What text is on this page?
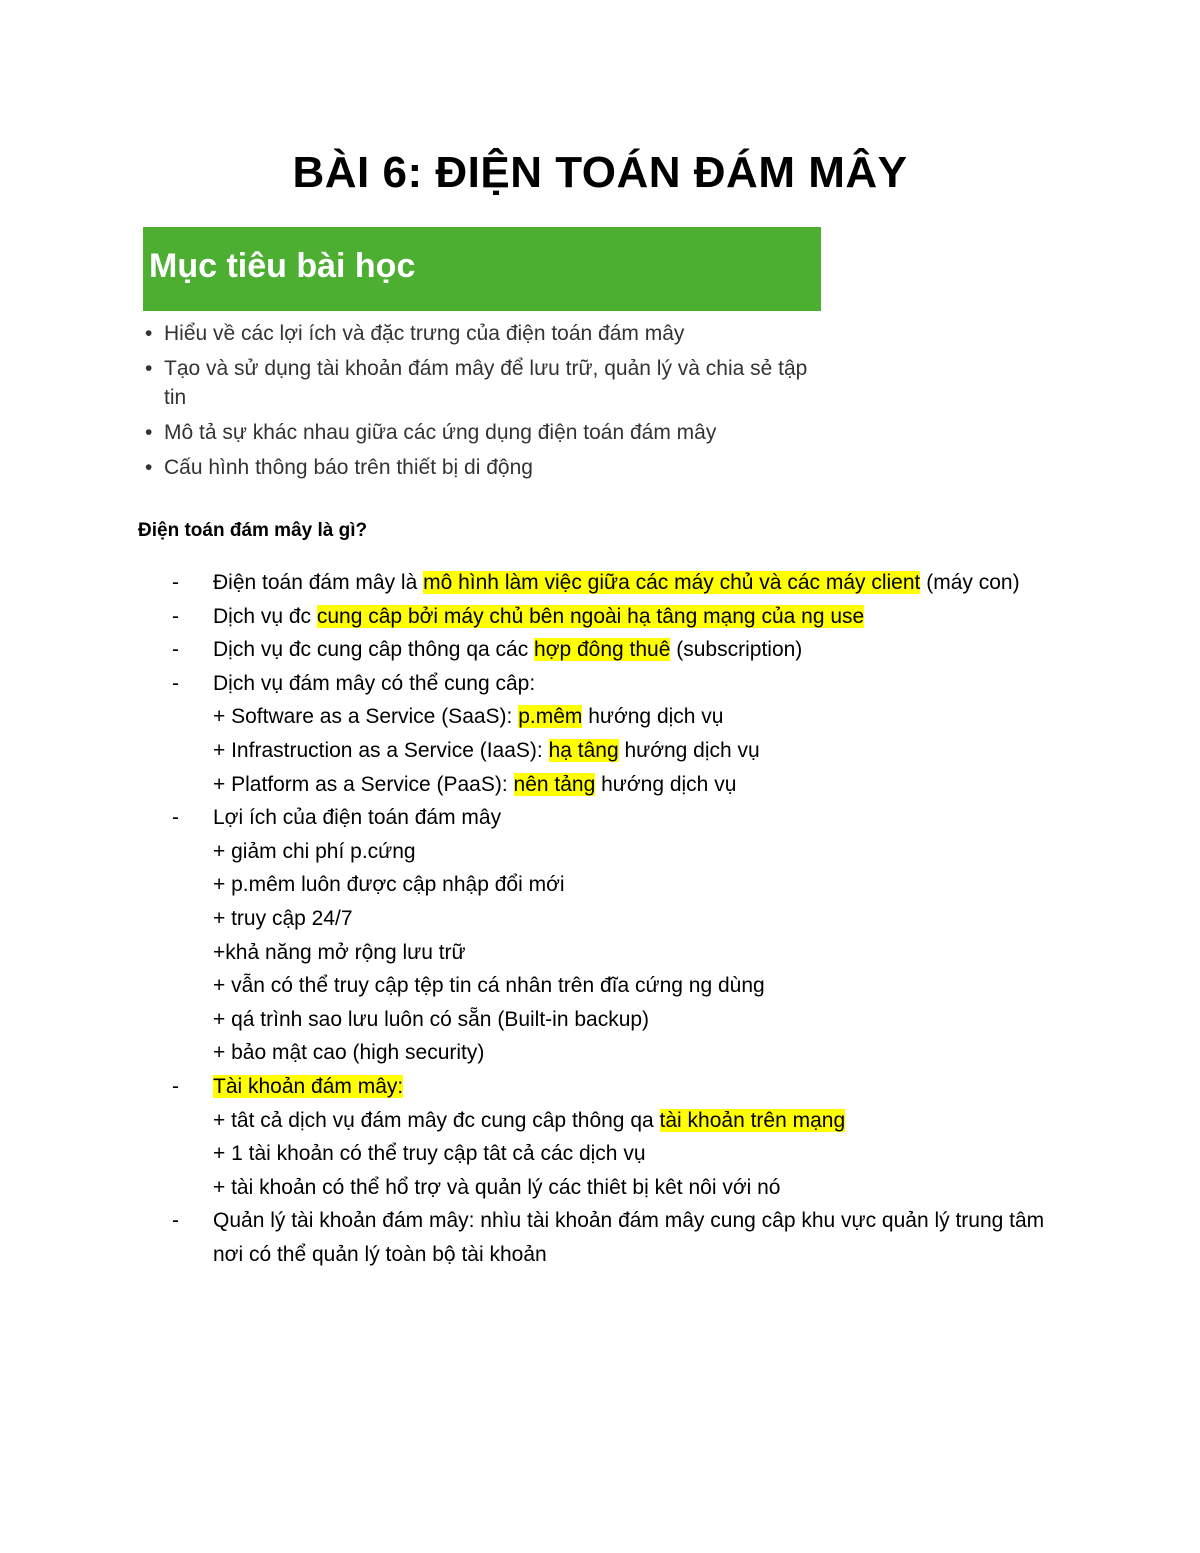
BÀI 6: ĐIỆN TOÁN ĐÁM MÂY
Mục tiêu bài học
• Hiểu về các lợi ích và đặc trưng của điện toán đám mây
• Tạo và sử dụng tài khoản đám mây để lưu trữ, quản lý và chia sẻ tập tin
• Mô tả sự khác nhau giữa các ứng dụng điện toán đám mây
• Cấu hình thông báo trên thiết bị di động
Điện toán đám mây là gì?
- Điện toán đám mây là mô hình làm việc giữa các máy chủ và các máy client (máy con)
- Dịch vụ đc cung câp bởi máy chủ bên ngoài hạ tâng mạng của ng use
- Dịch vụ đc cung câp thông qa các hợp đông thuê (subscription)
- Dịch vụ đám mây có thể cung câp:
+ Software as a Service (SaaS): p.mêm hướng dịch vụ
+ Infrastruction as a Service (IaaS): hạ tâng hướng dịch vụ
+ Platform as a Service (PaaS): nên tảng hướng dịch vụ
- Lợi ích của điện toán đám mây
+ giảm chi phí p.cứng
+ p.mêm luôn được cập nhập đổi mới
+ truy cập 24/7
+khả năng mở rộng lưu trữ
+ vẫn có thể truy cập tệp tin cá nhân trên đĩa cứng ng dùng
+ qá trình sao lưu luôn có sẵn (Built-in backup)
+ bảo mật cao (high security)
- Tài khoản đám mây:
+ tât cả dịch vụ đám mây đc cung câp thông qa tài khoản trên mạng
+ 1 tài khoản có thể truy cập tât cả các dịch vụ
+ tài khoản có thể hổ trợ và quản lý các thiêt bị kêt nôi với nó
- Quản lý tài khoản đám mây: nhìu tài khoản đám mây cung câp khu vực quản lý trung tâm nơi có thể quản lý toàn bộ tài khoản
